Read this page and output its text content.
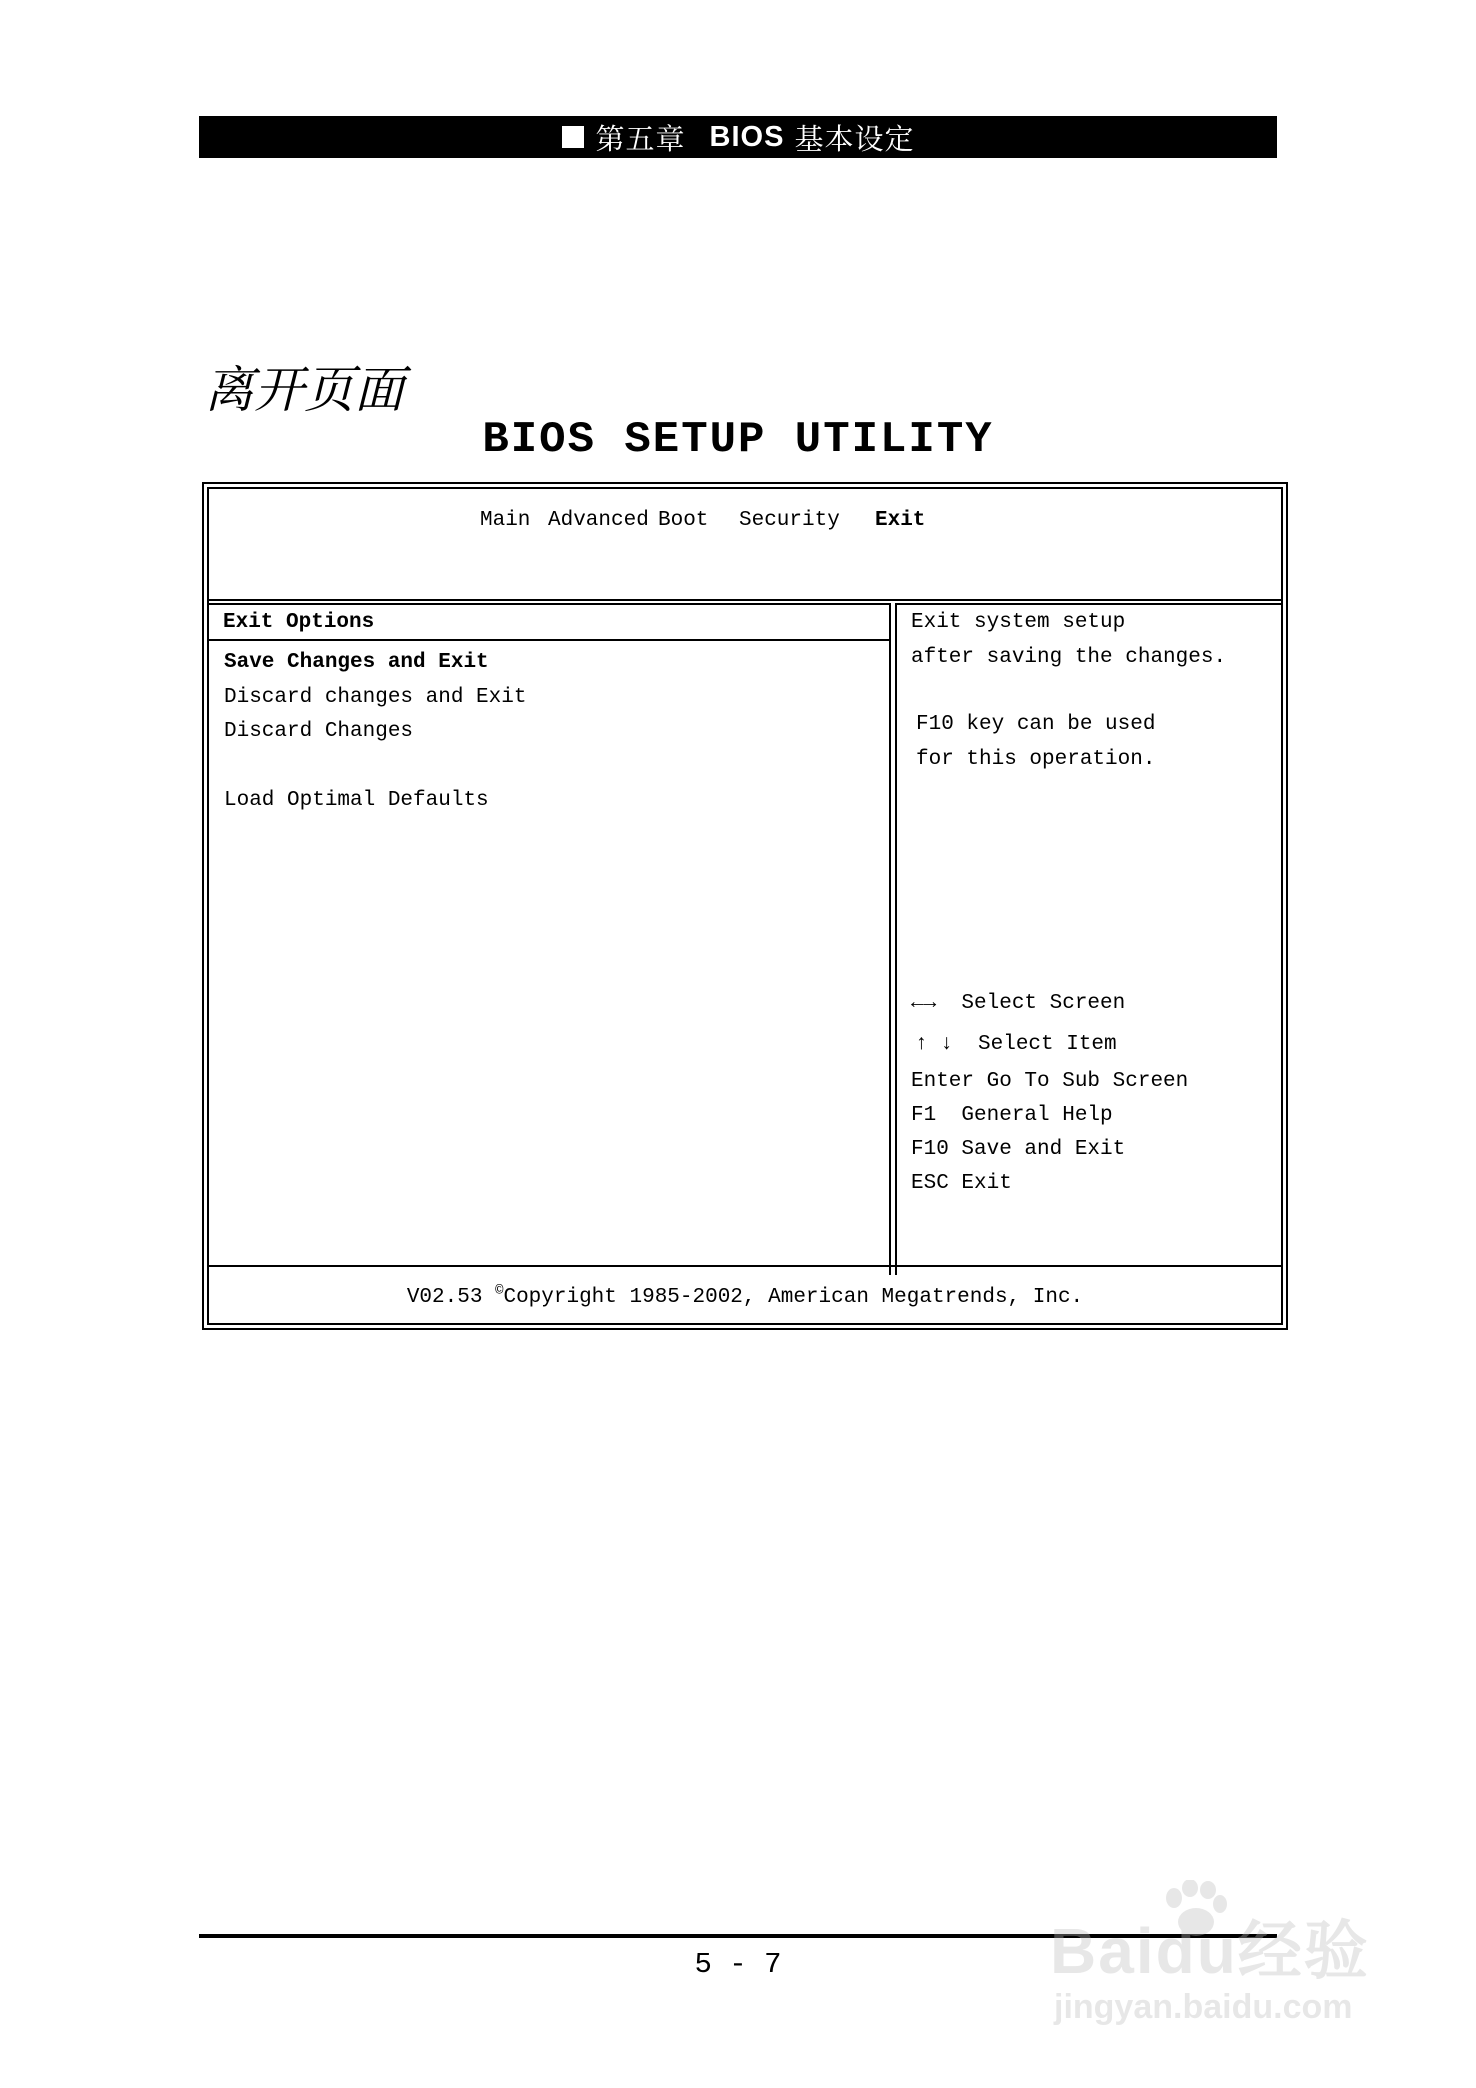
第五章 BIOS 基本设定
离开页面
BIOS SETUP UTILITY
Main Advanced Boot Security Exit
Exit Options
Save Changes and Exit
Discard changes and Exit
Discard Changes
Load Optimal Defaults
Exit system setup
after saving the changes.
F10 key can be used
for this operation.
←→  Select Screen
↑ ↓  Select Item
Enter Go To Sub Screen
F1  General Help
F10 Save and Exit
ESC Exit
V02.53 ©Copyright 1985-2002, American Megatrends, Inc.
5 - 7	Baidu经验
jingyan.baidu.com
